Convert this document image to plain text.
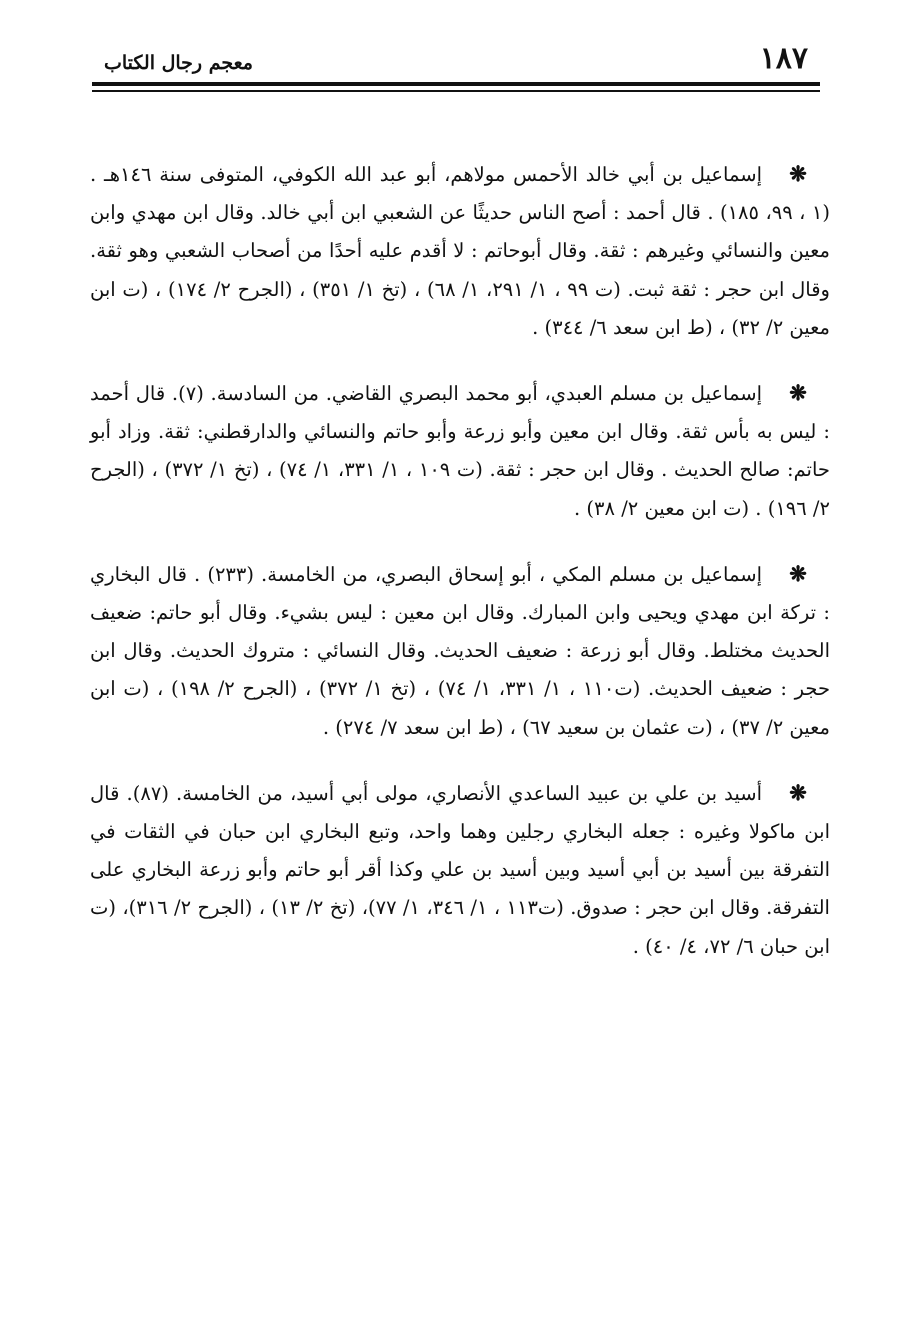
١٨٧
معجم رجال الكتاب

❋إسماعيل بن أبي خالد الأحمس مولاهم، أبو عبد الله الكوفي، المتوفى سنة ١٤٦هـ . (١ ، ٩٩، ١٨٥) . قال أحمد : أصح الناس حديثًا عن الشعبي ابن أبي خالد. وقال ابن مهدي وابن معين والنسائي وغيرهم : ثقة. وقال أبوحاتم : لا أقدم عليه أحدًا من أصحاب الشعبي وهو ثقة. وقال ابن حجر : ثقة ثبت. (ت ٩٩ ، ١/ ٢٩١، ١/ ٦٨) ، (تخ ١/ ٣٥١) ، (الجرح ٢/ ١٧٤) ، (ت ابن معين ٢/ ٣٢) ، (ط ابن سعد ٦/ ٣٤٤) .

❋إسماعيل بن مسلم العبدي، أبو محمد البصري القاضي. من السادسة. (٧). قال أحمد : ليس به بأس ثقة. وقال ابن معين وأبو زرعة وأبو حاتم والنسائي والدارقطني: ثقة. وزاد أبو حاتم: صالح الحديث . وقال ابن حجر : ثقة. (ت ١٠٩ ، ١/ ٣٣١، ١/ ٧٤) ، (تخ ١/ ٣٧٢) ، (الجرح ٢/ ١٩٦) . (ت ابن معين ٢/ ٣٨) .

❋إسماعيل بن مسلم المكي ، أبو إسحاق البصري، من الخامسة. (٢٣٣) . قال البخاري : تركة ابن مهدي ويحيى وابن المبارك. وقال ابن معين : ليس بشيء. وقال أبو حاتم: ضعيف الحديث مختلط. وقال أبو زرعة : ضعيف الحديث. وقال النسائي : متروك الحديث. وقال ابن حجر : ضعيف الحديث. (ت١١٠ ، ١/ ٣٣١، ١/ ٧٤) ، (تخ ١/ ٣٧٢) ، (الجرح ٢/ ١٩٨) ، (ت ابن معين ٢/ ٣٧) ، (ت عثمان بن سعيد ٦٧) ، (ط ابن سعد ٧/ ٢٧٤) .

❋أسيد بن علي بن عبيد الساعدي الأنصاري، مولى أبي أسيد، من الخامسة. (٨٧). قال ابن ماكولا وغيره : جعله البخاري رجلين وهما واحد، وتبع البخاري ابن حبان في الثقات في التفرقة بين أسيد بن أبي أسيد وبين أسيد بن علي وكذا أقر أبو حاتم وأبو زرعة البخاري على التفرقة. وقال ابن حجر : صدوق. (ت١١٣ ، ١/ ٣٤٦، ١/ ٧٧)، (تخ ٢/ ١٣) ، (الجرح ٢/ ٣١٦)، (ت ابن حبان ٦/ ٧٢، ٤/ ٤٠) .
